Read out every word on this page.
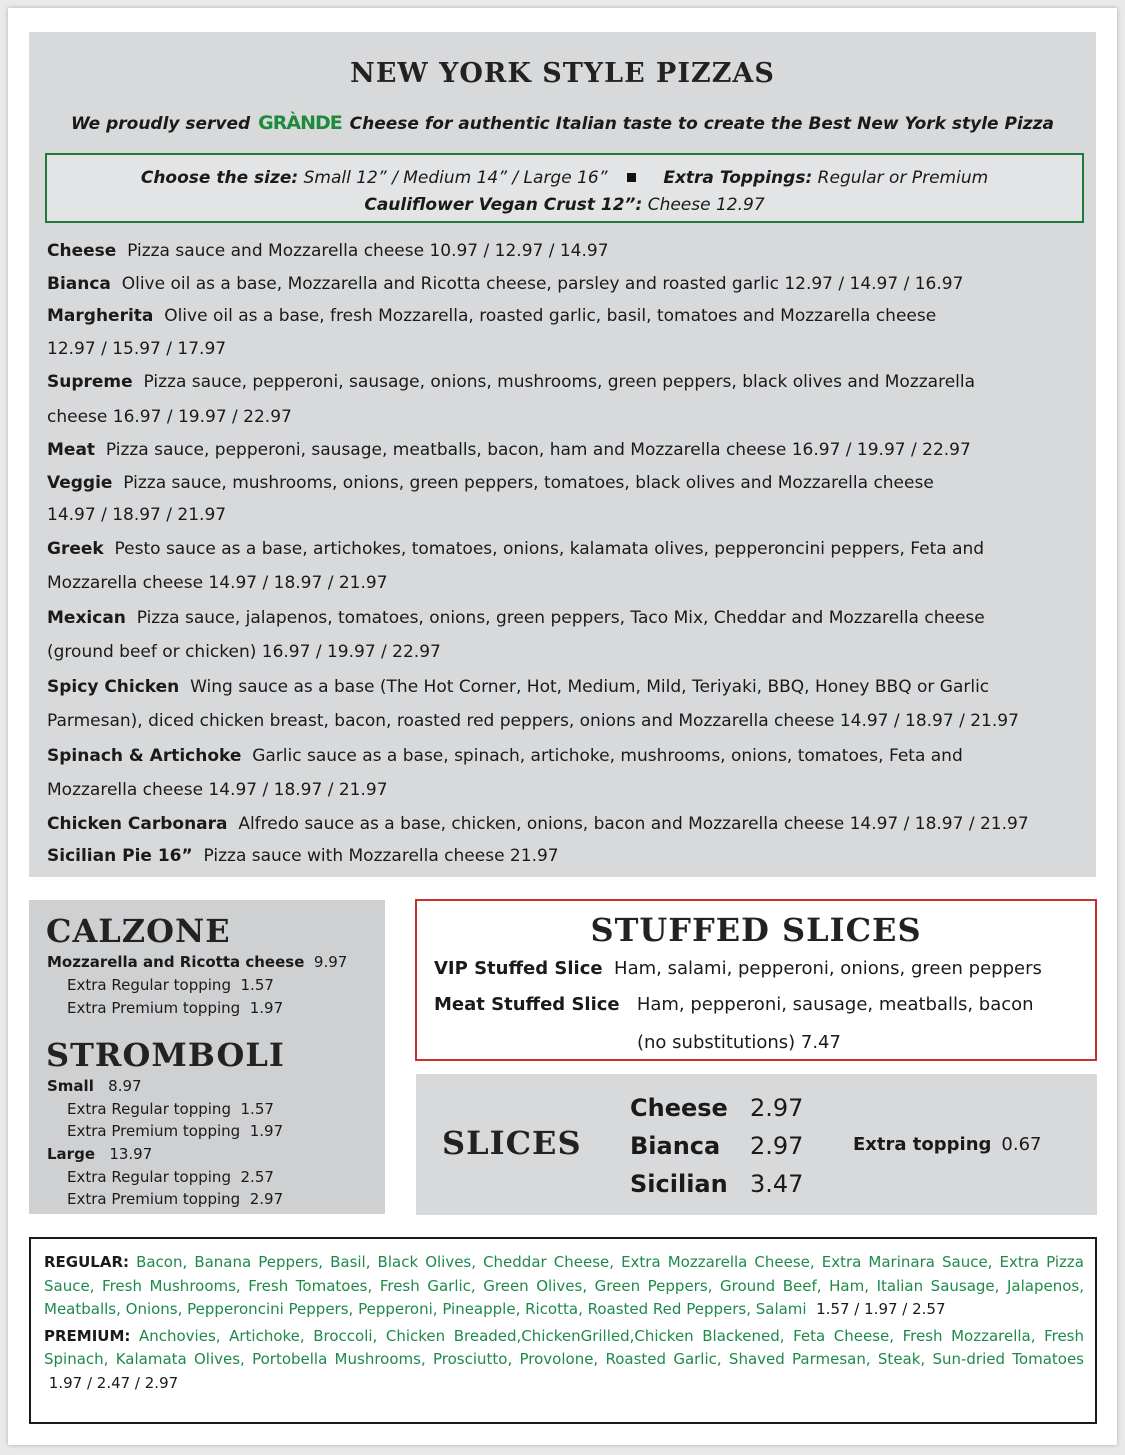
NEW YORK STYLE PIZZAS
We proudly served GRÀNDE Cheese for authentic Italian taste to create the Best New York style Pizza
Choose the size: Small 12” / Medium 14” / Large 16”	Extra Toppings: Regular or Premium
Cauliflower Vegan Crust 12”: Cheese 12.97
Cheese Pizza sauce and Mozzarella cheese 10.97 / 12.97 / 14.97
Bianca Olive oil as a base, Mozzarella and Ricotta cheese, parsley and roasted garlic 12.97 / 14.97 / 16.97
Margherita Olive oil as a base, fresh Mozzarella, roasted garlic, basil, tomatoes and Mozzarella cheese
12.97 / 15.97 / 17.97
Supreme Pizza sauce, pepperoni, sausage, onions, mushrooms, green peppers, black olives and Mozzarella
cheese 16.97 / 19.97 / 22.97
Meat Pizza sauce, pepperoni, sausage, meatballs, bacon, ham and Mozzarella cheese 16.97 / 19.97 / 22.97
Veggie Pizza sauce, mushrooms, onions, green peppers, tomatoes, black olives and Mozzarella cheese
14.97 / 18.97 / 21.97
Greek Pesto sauce as a base, artichokes, tomatoes, onions, kalamata olives, pepperoncini peppers, Feta and
Mozzarella cheese 14.97 / 18.97 / 21.97
Mexican Pizza sauce, jalapenos, tomatoes, onions, green peppers, Taco Mix, Cheddar and Mozzarella cheese
(ground beef or chicken) 16.97 / 19.97 / 22.97
Spicy Chicken Wing sauce as a base (The Hot Corner, Hot, Medium, Mild, Teriyaki, BBQ, Honey BBQ or Garlic
Parmesan), diced chicken breast, bacon, roasted red peppers, onions and Mozzarella cheese 14.97 / 18.97 / 21.97
Spinach & Artichoke Garlic sauce as a base, spinach, artichoke, mushrooms, onions, tomatoes, Feta and
Mozzarella cheese 14.97 / 18.97 / 21.97
Chicken Carbonara Alfredo sauce as a base, chicken, onions, bacon and Mozzarella cheese 14.97 / 18.97 / 21.97
Sicilian Pie 16” Pizza sauce with Mozzarella cheese 21.97
CALZONE
Mozzarella and Ricotta cheese 9.97
Extra Regular topping 1.57
Extra Premium topping 1.97
STROMBOLI
Small 8.97
Extra Regular topping 1.57
Extra Premium topping 1.97
Large 13.97
Extra Regular topping 2.57
Extra Premium topping 2.97
STUFFED SLICES
VIP Stuffed Slice Ham, salami, pepperoni, onions, green peppers
Meat Stuffed Slice Ham, pepperoni, sausage, meatballs, bacon
(no substitutions) 7.47
SLICES
Cheese 2.97
Bianca 2.97
Sicilian 3.47
Extra topping 0.67

REGULAR: Bacon, Banana Peppers, Basil, Black Olives, Cheddar Cheese, Extra Mozzarella Cheese, Extra Marinara Sauce, Extra Pizza Sauce, Fresh Mushrooms, Fresh Tomatoes, Fresh Garlic, Green Olives, Green Peppers, Ground Beef, Ham, Italian Sausage, Jalapenos, Meatballs, Onions, Pepperoncini Peppers, Pepperoni, Pineapple, Ricotta, Roasted Red Peppers, Salami 1.57 / 1.97 / 2.57

PREMIUM: Anchovies, Artichoke, Broccoli, Chicken Breaded,ChickenGrilled,Chicken Blackened, Feta Cheese, Fresh Mozzarella, Fresh Spinach, Kalamata Olives, Portobella Mushrooms, Prosciutto, Provolone, Roasted Garlic, Shaved Parmesan, Steak, Sun-dried Tomatoes  1.97 / 2.47 / 2.97
